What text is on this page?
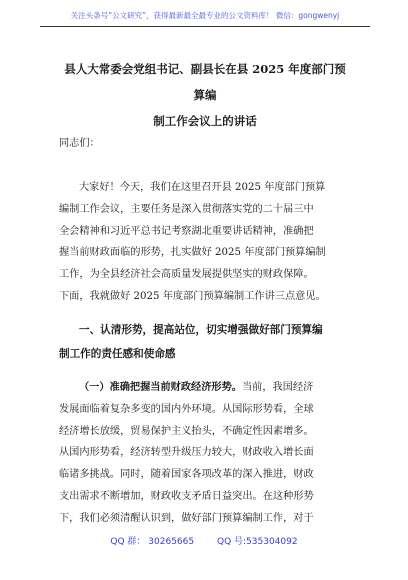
关注头条号“公文研究”，获得最新最全最专业的公文资料库！ 微信：gongwenyj
县人大常委会党组书记、副县长在县 2025 年度部门预算编
制工作会议上的讲话
同志们：
大家好！今天，我们在这里召开县 2025 年度部门预算
编制工作会议，主要任务是深入贯彻落实党的二十届三中
全会精神和习近平总书记考察湖北重要讲话精神，准确把
握当前财政面临的形势，扎实做好 2025 年度部门预算编制
工作，为全县经济社会高质量发展提供坚实的财政保障。
下面，我就做好 2025 年度部门预算编制工作讲三点意见。
一、认清形势，提高站位，切实增强做好部门预算编
制工作的责任感和使命感
（一）准确把握当前财政经济形势。当前，我国经济
发展面临着复杂多变的国内外环境。从国际形势看，全球
经济增长放缓，贸易保护主义抬头，不确定性因素增多。
从国内形势看，经济转型升级压力较大，财政收入增长面
临诸多挑战。同时，随着国家各项改革的深入推进，财政
支出需求不断增加，财政收支矛盾日益突出。在这种形势
下，我们必须清醒认识到，做好部门预算编制工作，对于
QQ 群： 30265665	QQ 号:535304092
